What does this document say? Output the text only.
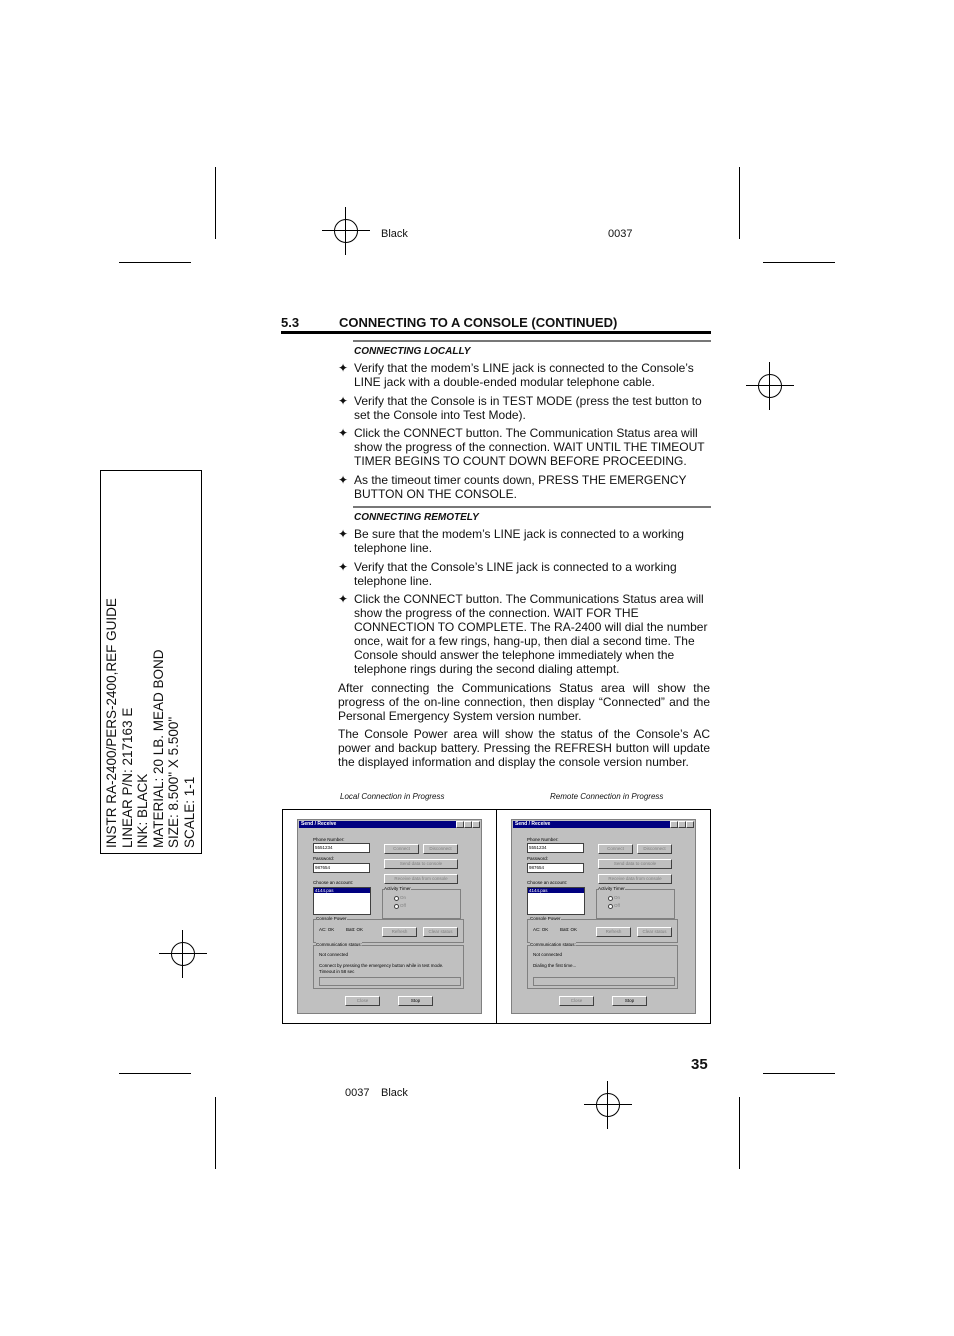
Black	0037
0037 Black
5.3	CONNECTING TO A CONSOLE (CONTINUED)
CONNECTING LOCALLY
✦ Verify that the modem’s LINE jack is connected to the Console’s LINE jack with a double-ended modular telephone cable.
✦ Verify that the Console is in TEST MODE (press the test button to set the Console into Test Mode).
✦ Click the CONNECT button. The Communication Status area will show the progress of the connection. WAIT UNTIL THE TIMEOUT TIMER BEGINS TO COUNT DOWN BEFORE PROCEEDING.
✦ As the timeout timer counts down, PRESS THE EMERGENCY BUTTON ON THE CONSOLE.
CONNECTING REMOTELY
✦ Be sure that the modem’s LINE jack is connected to a working telephone line.
✦ Verify that the Console’s LINE jack is connected to a working telephone line.
✦ Click the CONNECT button. The Communications Status area will show the progress of the connection. WAIT FOR THE CONNECTION TO COMPLETE. The RA-2400 will dial the number once, wait for a few rings, hang-up, then dial a second time. The Console should answer the telephone immediately when the telephone rings during the second dialing attempt.
After connecting the Communications Status area will show the progress of the on-line connection, then display “Connected” and the Personal Emergency System version number.
The Console Power area will show the status of the Console’s AC power and backup battery. Pressing the REFRESH button will update the displayed information and display the console version number.
INSTR RA-2400/PERS-2400,REF GUIDE LINEAR P/N: 217163 E INK: BLACK MATERIAL: 20 LB. MEAD BOND SIZE: 8.500" X 5.500" SCALE: 1-1	Local Connection in Progress	Remote Connection in Progress
Send / Receive
Phone Number:
5551234
Password:
987654
Choose an account:
4144.pas
Connect	Disconnect
Send data to console
Receive data from console
Activity Timer
On
Off
Console Power
AC: OK	Batt: OK	Refresh	Clear status
Communication status:
Not connected
Connect by pressing the emergency button while in test mode.
Timeout in 58 sec
Close	Stop
Send / Receive
Phone Number:
5551234
Password:
987654
Choose an account:
4144.pas
Connect	Disconnect
Send data to console
Receive data from console
Activity Timer
On
Off
Console Power
AC: OK	Batt: OK	Refresh	Clear status
Communication status:
Not connected
Dialing the first time...
Close	Stop
35
